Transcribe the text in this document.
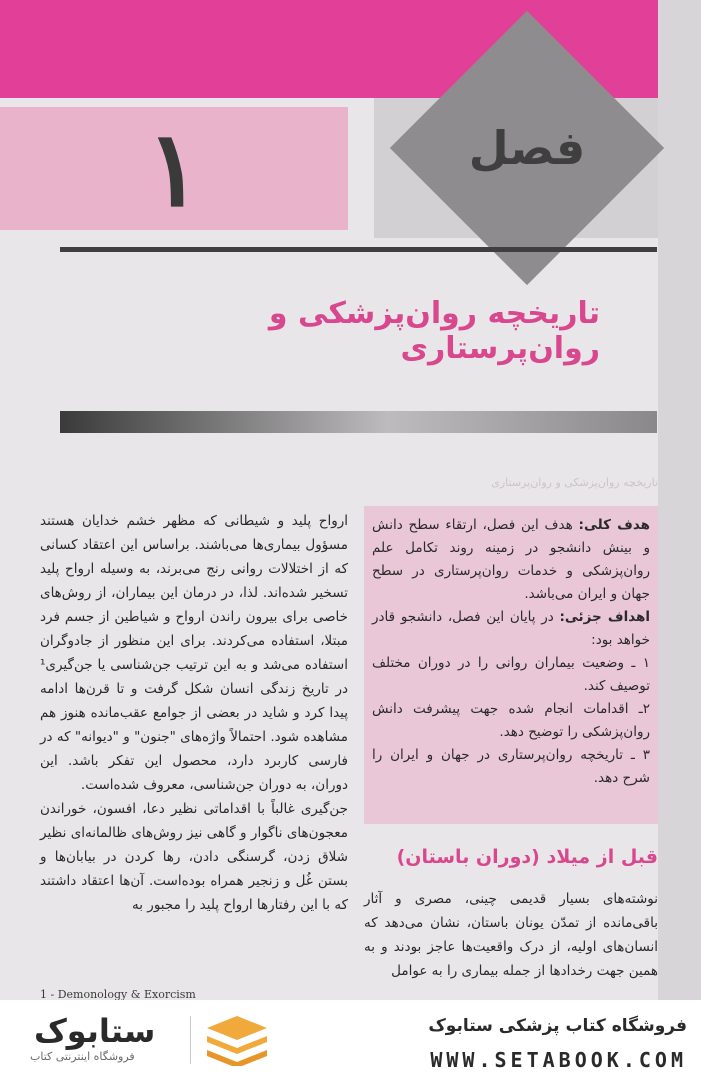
فصل
۱
تاریخچه روان‌پزشکی و روان‌پرستاری
تاریخچه روان‌پزشکی و روان‌پرستاری

هدف کلی: هدف این فصل، ارتقاء سطح دانش و بینش دانشجو در زمینه روند تکامل علم روان‌پزشکی و خدمات روان‌پرستاری در سطح جهان و ایران می‌باشد.

اهداف جزئی: در پایان این فصل، دانشجو قادر خواهد بود:

۱ ـ وضعیت بیماران روانی را در دوران مختلف توصیف کند.

۲ـ اقدامات انجام شده جهت پیشرفت دانش روان‌پزشکی را توضیح دهد.

۳ ـ تاریخچه روان‌پرستاری در جهان و ایران را شرح دهد.

قبل از میلاد (دوران باستان)

نوشته‌های بسیار قدیمی چینی، مصری و آثار باقی‌مانده از تمدّن یونان باستان، نشان می‌دهد که انسان‌های اولیه، از درک واقعیت‌ها عاجز بودند و به همین جهت رخدادها از جمله بیماری را به عوامل

ارواح پلید و شیطانی که مظهر خشم خدایان هستند مسؤول بیماری‌ها می‌باشند. براساس این اعتقاد کسانی که از اختلالات روانی رنج می‌برند، به وسیله ارواح پلید تسخیر شده‌اند. لذا، در درمان این بیماران، از روش‌های خاصی برای بیرون راندن ارواح و شیاطین از جسم فرد مبتلا، استفاده می‌کردند. برای این منظور از جادوگران استفاده می‌شد و به این ترتیب جن‌شناسی یا جن‌گیری¹ در تاریخ زندگی انسان شکل گرفت و تا قرن‌ها ادامه پیدا کرد و شاید در بعضی از جوامع عقب‌مانده هنوز هم مشاهده شود. احتمالاً واژه‌های "جنون" و "دیوانه" که در فارسی کاربرد دارد، محصول این تفکر باشد. این دوران، به دوران جن‌شناسی، معروف شده‌است.

جن‌گیری غالباً با اقداماتی نظیر دعا، افسون، خوراندن معجون‌های ناگوار و گاهی نیز روش‌های ظالمانه‌ای نظیر شلاق زدن، گرسنگی دادن، رها کردن در بیابان‌ها و بستن غُل و زنجیر همراه بوده‌است. آن‌ها اعتقاد داشتند که با این رفتارها ارواح پلید را مجبور به

1 - Demonology & Exorcism
ستابوک
فروشگاه اینترنتی کتاب
فروشگاه کتاب پزشکی ستابوک
WWW.SETABOOK.COM
